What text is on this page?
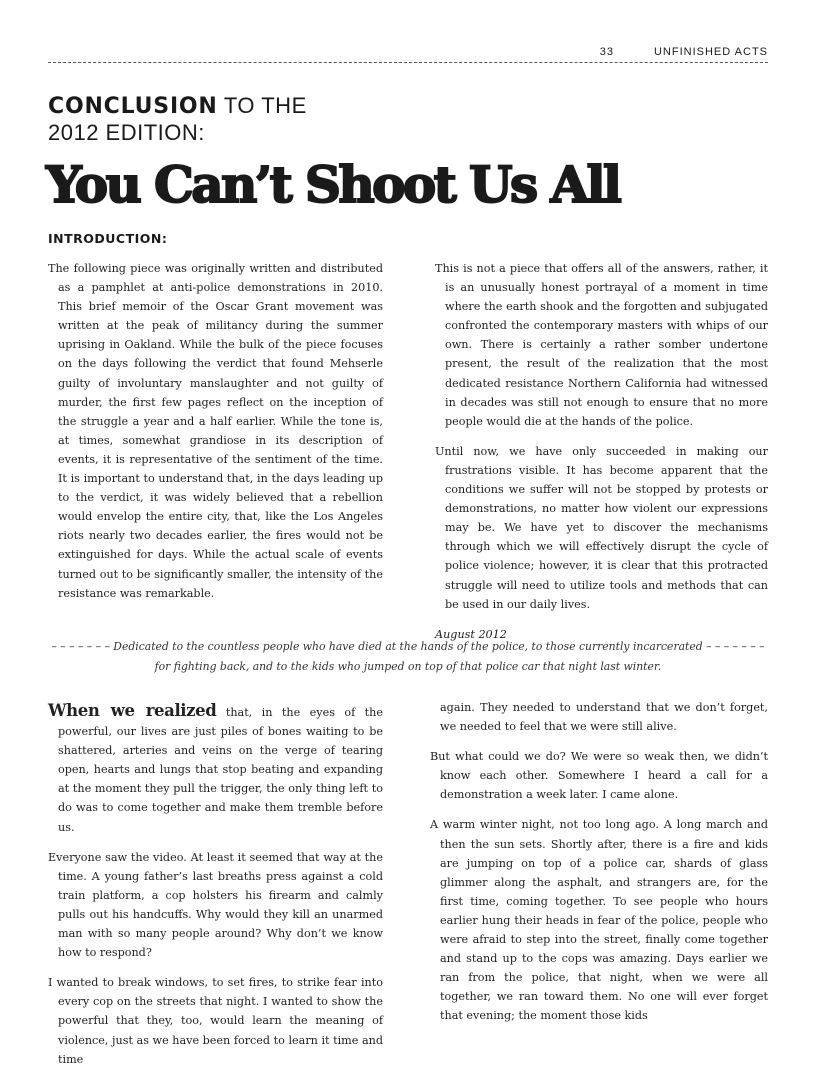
33	UNFINISHED ACTS
CONCLUSION TO THE
2012 EDITION:
You Can’t Shoot Us All
INTRODUCTION:

The following piece was originally written and distributed as a pamphlet at anti-police demonstrations in 2010. This brief memoir of the Oscar Grant movement was written at the peak of militancy during the summer uprising in Oakland. While the bulk of the piece focuses on the days following the verdict that found Mehserle guilty of involuntary manslaughter and not guilty of murder, the first few pages reflect on the inception of the struggle a year and a half earlier. While the tone is, at times, somewhat grandiose in its description of events, it is representative of the sentiment of the time. It is important to understand that, in the days leading up to the verdict, it was widely believed that a rebellion would envelop the entire city, that, like the Los Angeles riots nearly two decades earlier, the fires would not be extinguished for days. While the actual scale of events turned out to be significantly smaller, the intensity of the resistance was remarkable.

This is not a piece that offers all of the answers, rather, it is an unusually honest portrayal of a moment in time where the earth shook and the forgotten and subjugated confronted the contemporary masters with whips of our own. There is certainly a rather somber undertone present, the result of the realization that the most dedicated resistance Northern California had witnessed in decades was still not enough to ensure that no more people would die at the hands of the police.

Until now, we have only succeeded in making our frustrations visible. It has become apparent that the conditions we suffer will not be stopped by protests or demonstrations, no matter how violent our expressions may be. We have yet to discover the mechanisms through which we will effectively disrupt the cycle of police violence; however, it is clear that this protracted struggle will need to utilize tools and methods that can be used in our daily lives.

August 2012
– – – – – – – Dedicated to the countless people who have died at the hands of the police, to those currently incarcerated – – – – – – –
for fighting back, and to the kids who jumped on top of that police car that night last winter.

When we realized that, in the eyes of the powerful, our lives are just piles of bones waiting to be shattered, arteries and veins on the verge of tearing open, hearts and lungs that stop beating and expanding at the moment they pull the trigger, the only thing left to do was to come together and make them tremble before us.

Everyone saw the video. At least it seemed that way at the time. A young father’s last breaths press against a cold train platform, a cop holsters his firearm and calmly pulls out his handcuffs. Why would they kill an unarmed man with so many people around? Why don’t we know how to respond?

I wanted to break windows, to set fires, to strike fear into every cop on the streets that night. I wanted to show the powerful that they, too, would learn the meaning of violence, just as we have been forced to learn it time and time

again. They needed to understand that we don’t forget, we needed to feel that we were still alive.

But what could we do? We were so weak then, we didn’t know each other. Somewhere I heard a call for a demonstration a week later. I came alone.

A warm winter night, not too long ago. A long march and then the sun sets. Shortly after, there is a fire and kids are jumping on top of a police car, shards of glass glimmer along the asphalt, and strangers are, for the first time, coming together. To see people who hours earlier hung their heads in fear of the police, people who were afraid to step into the street, finally come together and stand up to the cops was amazing. Days earlier we ran from the police, that night, when we were all together, we ran toward them. No one will ever forget that evening; the moment those kids
